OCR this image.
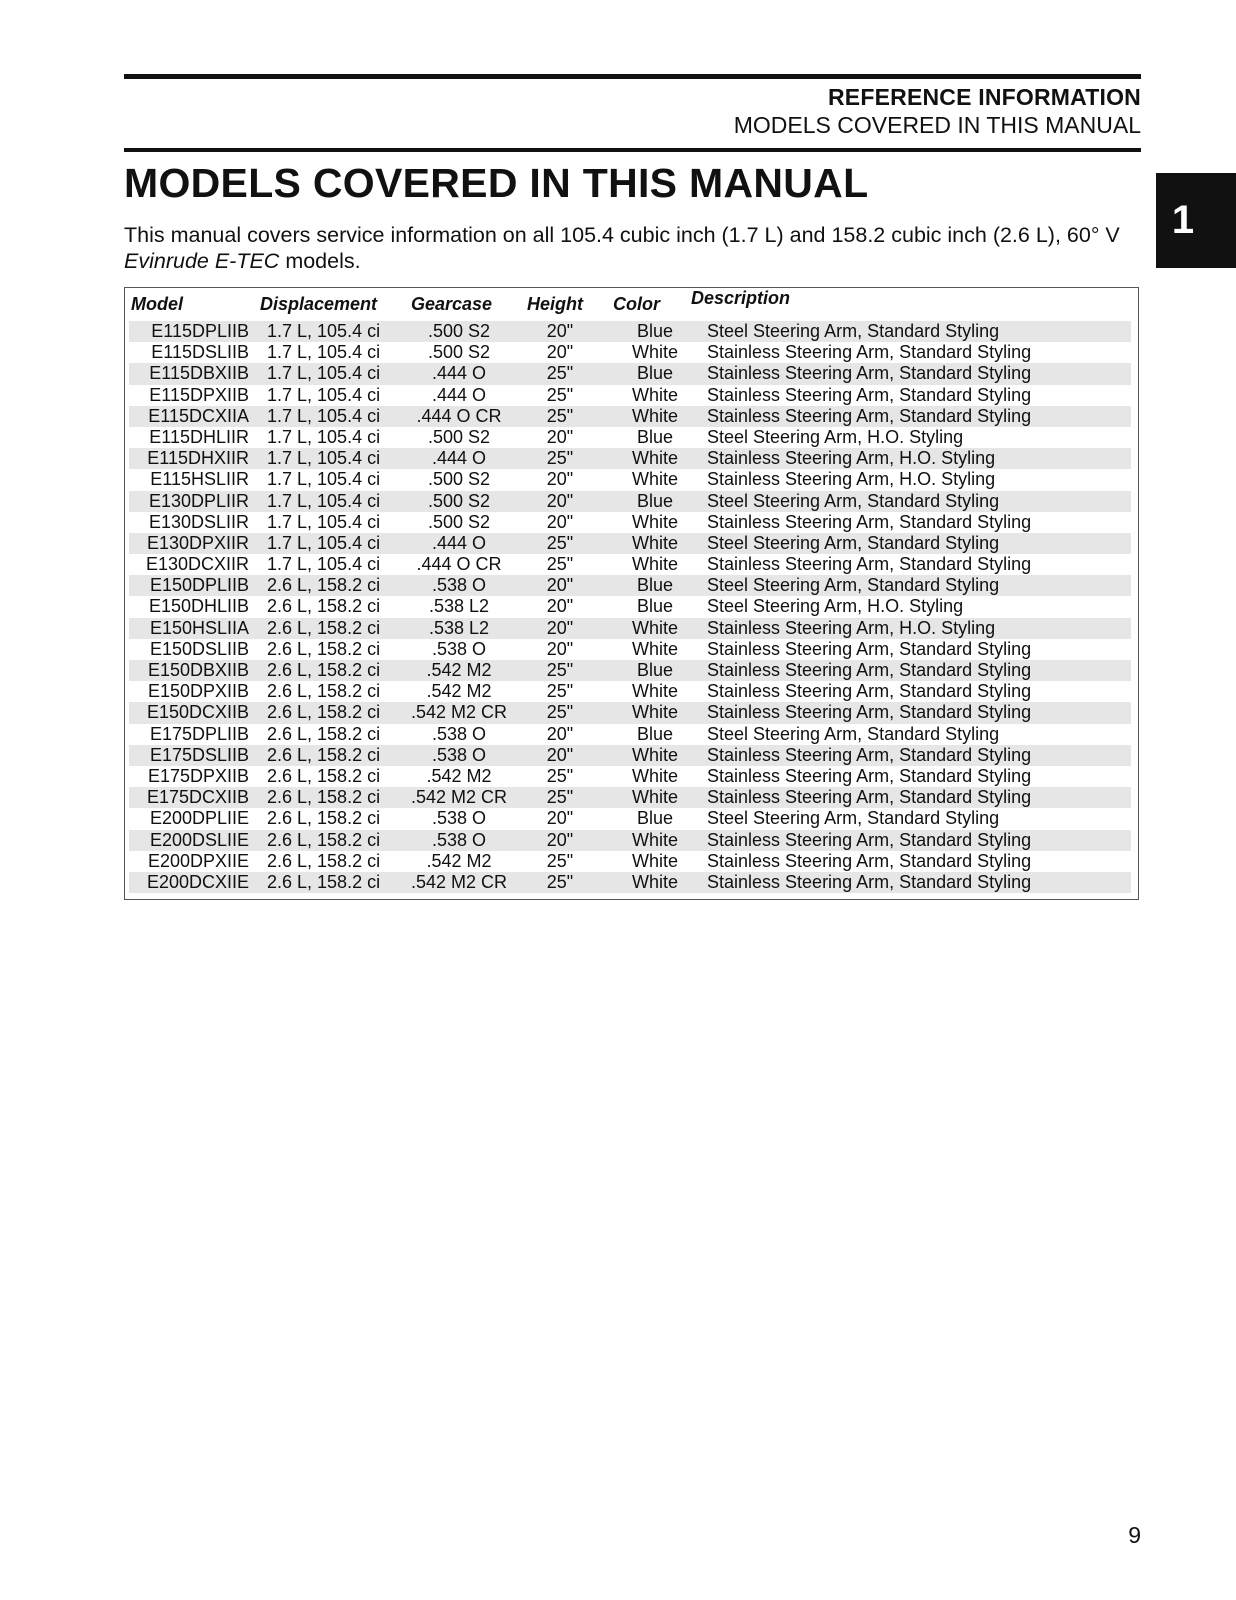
REFERENCE INFORMATION
MODELS COVERED IN THIS MANUAL
1
MODELS COVERED IN THIS MANUAL
This manual covers service information on all 105.4 cubic inch (1.7 L) and 158.2 cubic inch (2.6 L), 60° V
Evinrude E-TEC models.
Model	Displacement Gearcase Height Color Description
E115DPLIIB 1.7 L, 105.4 ci	.500 S2	20"	Blue	Steel Steering Arm, Standard Styling
E115DSLIIB 1.7 L, 105.4 ci	.500 S2	20"	White	Stainless Steering Arm, Standard Styling
E115DBXIIB 1.7 L, 105.4 ci	.444 O	25"	Blue	Stainless Steering Arm, Standard Styling
E115DPXIIB 1.7 L, 105.4 ci	.444 O	25"	White	Stainless Steering Arm, Standard Styling
E115DCXIIA 1.7 L, 105.4 ci	.444 O CR	25"	White	Stainless Steering Arm, Standard Styling
E115DHLIIR 1.7 L, 105.4 ci	.500 S2	20"	Blue	Steel Steering Arm, H.O. Styling
E115DHXIIR 1.7 L, 105.4 ci	.444 O	25"	White	Stainless Steering Arm, H.O. Styling
E115HSLIIR 1.7 L, 105.4 ci	.500 S2	20"	White	Stainless Steering Arm, H.O. Styling
E130DPLIIR 1.7 L, 105.4 ci	.500 S2	20"	Blue	Steel Steering Arm, Standard Styling
E130DSLIIR 1.7 L, 105.4 ci	.500 S2	20"	White	Stainless Steering Arm, Standard Styling
E130DPXIIR 1.7 L, 105.4 ci	.444 O	25"	White	Steel Steering Arm, Standard Styling
E130DCXIIR 1.7 L, 105.4 ci	.444 O CR	25"	White	Stainless Steering Arm, Standard Styling
E150DPLIIB 2.6 L, 158.2 ci	.538 O	20"	Blue	Steel Steering Arm, Standard Styling
E150DHLIIB 2.6 L, 158.2 ci	.538 L2	20"	Blue	Steel Steering Arm, H.O. Styling
E150HSLIIA 2.6 L, 158.2 ci	.538 L2	20"	White	Stainless Steering Arm, H.O. Styling
E150DSLIIB 2.6 L, 158.2 ci	.538 O	20"	White	Stainless Steering Arm, Standard Styling
E150DBXIIB 2.6 L, 158.2 ci	.542 M2	25"	Blue	Stainless Steering Arm, Standard Styling
E150DPXIIB 2.6 L, 158.2 ci	.542 M2	25"	White	Stainless Steering Arm, Standard Styling
E150DCXIIB 2.6 L, 158.2 ci	.542 M2 CR	25"	White	Stainless Steering Arm, Standard Styling
E175DPLIIB 2.6 L, 158.2 ci	.538 O	20"	Blue	Steel Steering Arm, Standard Styling
E175DSLIIB 2.6 L, 158.2 ci	.538 O	20"	White	Stainless Steering Arm, Standard Styling
E175DPXIIB 2.6 L, 158.2 ci	.542 M2	25"	White	Stainless Steering Arm, Standard Styling
E175DCXIIB 2.6 L, 158.2 ci	.542 M2 CR	25"	White	Stainless Steering Arm, Standard Styling
E200DPLIIE 2.6 L, 158.2 ci	.538 O	20"	Blue	Steel Steering Arm, Standard Styling
E200DSLIIE 2.6 L, 158.2 ci	.538 O	20"	White	Stainless Steering Arm, Standard Styling
E200DPXIIE 2.6 L, 158.2 ci	.542 M2	25"	White	Stainless Steering Arm, Standard Styling
E200DCXIIE 2.6 L, 158.2 ci	.542 M2 CR	25"	White	Stainless Steering Arm, Standard Styling
9
